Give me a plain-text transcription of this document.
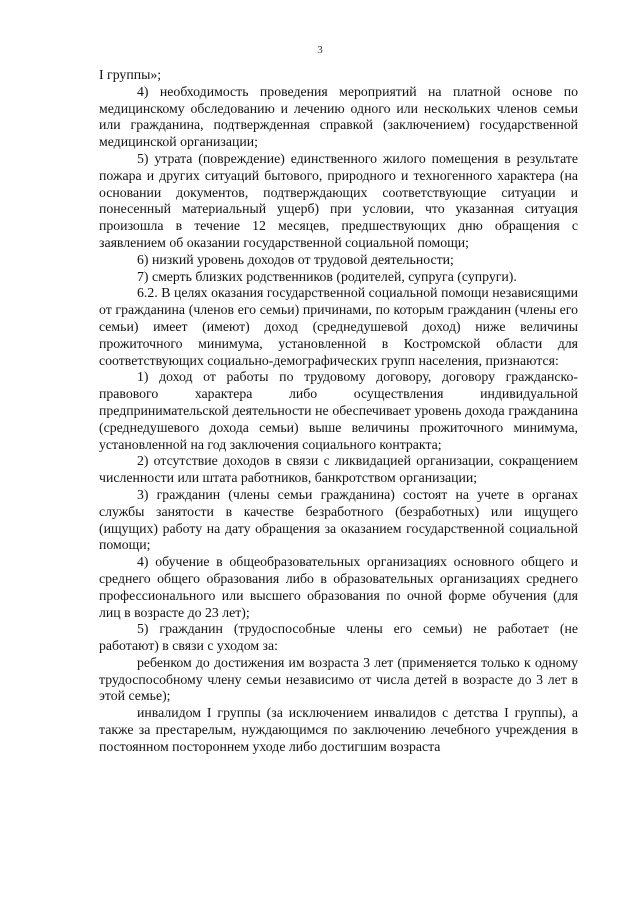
3

I группы»;

4) необходимость проведения мероприятий на платной основе по медицинскому обследованию и лечению одного или нескольких членов семьи или гражданина, подтвержденная справкой (заключением) государственной медицинской организации;

5) утрата (повреждение) единственного жилого помещения в результате пожара и других ситуаций бытового, природного и техногенного характера (на основании документов, подтверждающих соответствующие ситуации и понесенный материальный ущерб) при условии, что указанная ситуация произошла в течение 12 месяцев, предшествующих дню обращения с заявлением об оказании государственной социальной помощи;

6) низкий уровень доходов от трудовой деятельности;

7) смерть близких родственников (родителей, супруга (супруги).

6.2. В целях оказания государственной социальной помощи независящими от гражданина (членов его семьи) причинами, по которым гражданин (члены его семьи) имеет (имеют) доход (среднедушевой доход) ниже величины прожиточного минимума, установленной в Костромской области для соответствующих социально-демографических групп населения, признаются:

1) доход от работы по трудовому договору, договору гражданско-правового характера либо осуществления индивидуальной предпринимательской деятельности не обеспечивает уровень дохода гражданина (среднедушевого дохода семьи) выше величины прожиточного минимума, установленной на год заключения социального контракта;

2) отсутствие доходов в связи с ликвидацией организации, сокращением численности или штата работников, банкротством организации;

3) гражданин (члены семьи гражданина) состоят на учете в органах службы занятости в качестве безработного (безработных) или ищущего (ищущих) работу на дату обращения за оказанием государственной социальной помощи;

4) обучение в общеобразовательных организациях основного общего и среднего общего образования либо в образовательных организациях среднего профессионального или высшего образования по очной форме обучения (для лиц в возрасте до 23 лет);

5) гражданин (трудоспособные члены его семьи) не работает (не работают) в связи с уходом за:

ребенком до достижения им возраста 3 лет (применяется только к одному трудоспособному члену семьи независимо от числа детей в возрасте до 3 лет в этой семье);

инвалидом I группы (за исключением инвалидов с детства I группы), а также за престарелым, нуждающимся по заключению лечебного учреждения в постоянном постороннем уходе либо достигшим возраста
